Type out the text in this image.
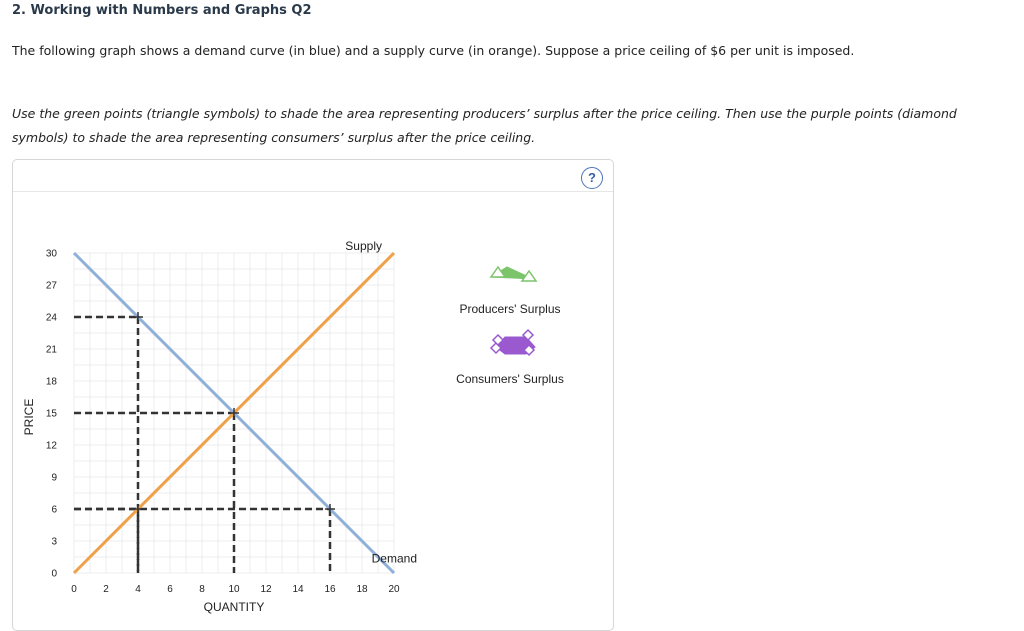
2. Working with Numbers and Graphs Q2
The following graph shows a demand curve (in blue) and a supply curve (in orange). Suppose a price ceiling of $6 per unit is imposed.
Use the green points (triangle symbols) to shade the area representing producers’ surplus after the price ceiling. Then use the purple points (diamond symbols) to shade the area representing consumers’ surplus after the price ceiling.
?
0	2	4	6	8 10 12 14 16 18 20
0
3
6
9
12
15
18
21
24
27
30
QUANTITY
PRICE
Supply
Demand
Producers' Surplus
Consumers' Surplus
